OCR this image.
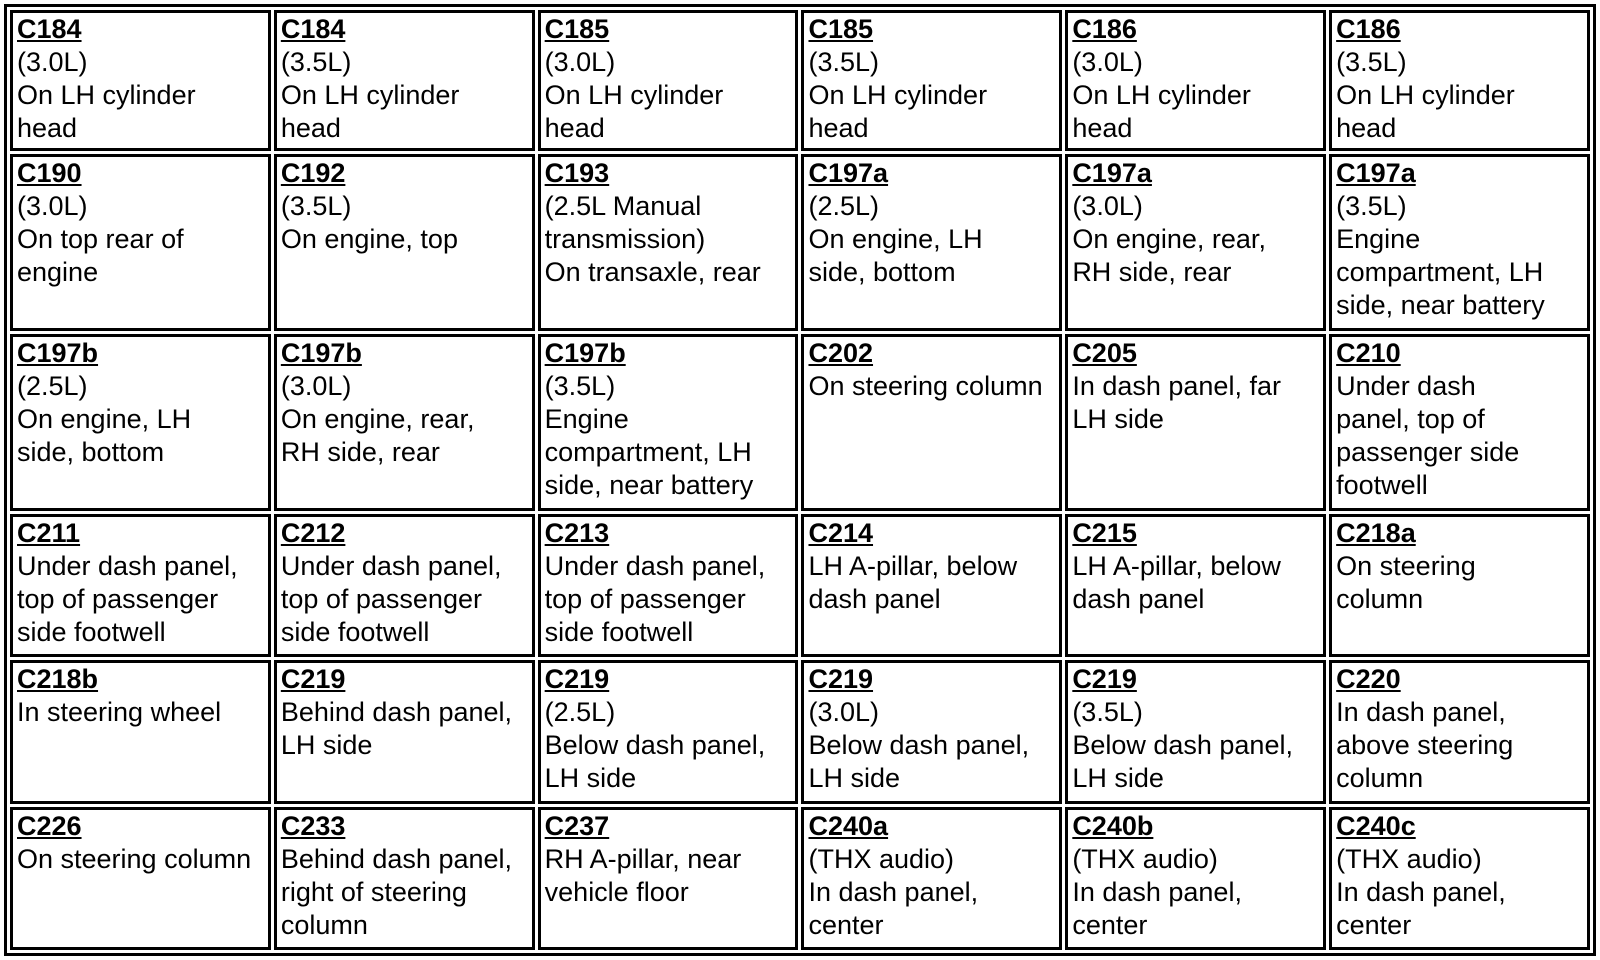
C184
(3.0L)
On LH cylinder
head	C184
(3.5L)
On LH cylinder
head	C185
(3.0L)
On LH cylinder
head	C185
(3.5L)
On LH cylinder
head	C186
(3.0L)
On LH cylinder
head	C186
(3.5L)
On LH cylinder
head

C190
(3.0L)
On top rear of
engine	C192
(3.5L)
On engine, top	C193
(2.5L Manual
transmission)
On transaxle, rear	C197a
(2.5L)
On engine, LH
side, bottom	C197a
(3.0L)
On engine, rear,
RH side, rear	C197a
(3.5L)
Engine
compartment, LH
side, near battery

C197b
(2.5L)
On engine, LH
side, bottom	C197b
(3.0L)
On engine, rear,
RH side, rear	C197b
(3.5L)
Engine
compartment, LH
side, near battery	C202
On steering column	C205
In dash panel, far
LH side	C210
Under dash
panel, top of
passenger side
footwell

C211
Under dash panel,
top of passenger
side footwell	C212
Under dash panel,
top of passenger
side footwell	C213
Under dash panel,
top of passenger
side footwell	C214
LH A-pillar, below
dash panel	C215
LH A-pillar, below
dash panel	C218a
On steering
column

C218b
In steering wheel	C219
Behind dash panel,
LH side	C219
(2.5L)
Below dash panel,
LH side	C219
(3.0L)
Below dash panel,
LH side	C219
(3.5L)
Below dash panel,
LH side	C220
In dash panel,
above steering
column

C226
On steering column	C233
Behind dash panel,
right of steering
column	C237
RH A-pillar, near
vehicle floor	C240a
(THX audio)
In dash panel,
center	C240b
(THX audio)
In dash panel,
center	C240c
(THX audio)
In dash panel,
center
